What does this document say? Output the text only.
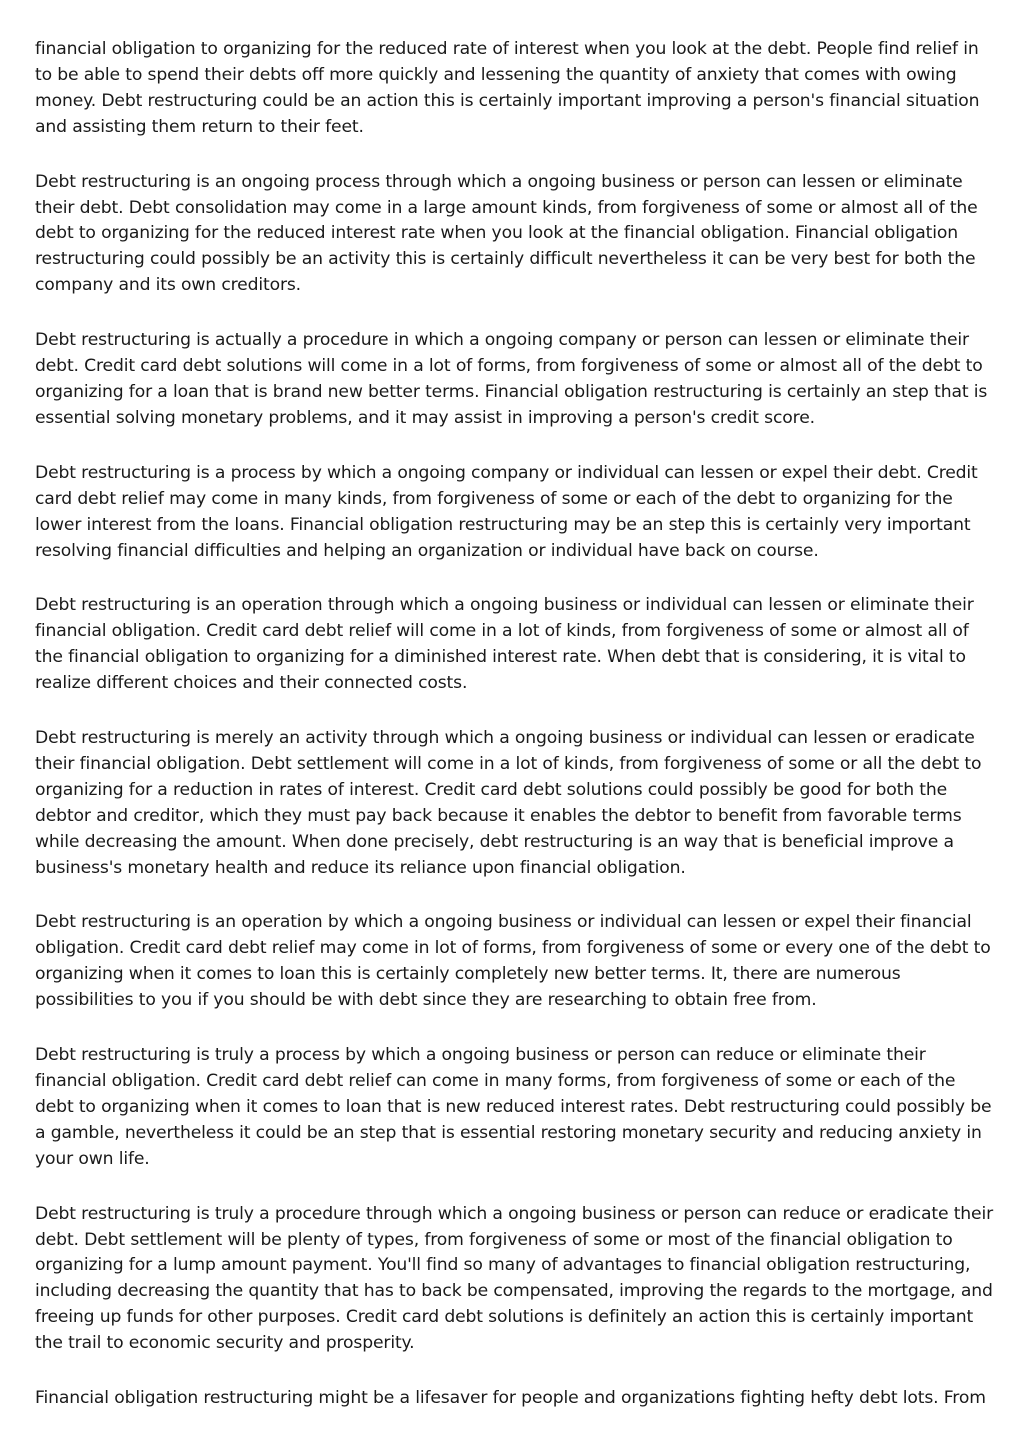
financial obligation to organizing for the reduced rate of interest when you look at the debt. People find relief in to be able to spend their debts off more quickly and lessening the quantity of anxiety that comes with owing money. Debt restructuring could be an action this is certainly important improving a person's financial situation and assisting them return to their feet.

Debt restructuring is an ongoing process through which a ongoing business or person can lessen or eliminate their debt. Debt consolidation may come in a large amount kinds, from forgiveness of some or almost all of the debt to organizing for the reduced interest rate when you look at the financial obligation. Financial obligation restructuring could possibly be an activity this is certainly difficult nevertheless it can be very best for both the company and its own creditors.

Debt restructuring is actually a procedure in which a ongoing company or person can lessen or eliminate their debt. Credit card debt solutions will come in a lot of forms, from forgiveness of some or almost all of the debt to organizing for a loan that is brand new better terms. Financial obligation restructuring is certainly an step that is essential solving monetary problems, and it may assist in improving a person's credit score.

Debt restructuring is a process by which a ongoing company or individual can lessen or expel their debt. Credit card debt relief may come in many kinds, from forgiveness of some or each of the debt to organizing for the lower interest from the loans. Financial obligation restructuring may be an step this is certainly very important resolving financial difficulties and helping an organization or individual have back on course.

Debt restructuring is an operation through which a ongoing business or individual can lessen or eliminate their financial obligation. Credit card debt relief will come in a lot of kinds, from forgiveness of some or almost all of the financial obligation to organizing for a diminished interest rate. When debt that is considering, it is vital to realize different choices and their connected costs.

Debt restructuring is merely an activity through which a ongoing business or individual can lessen or eradicate their financial obligation. Debt settlement will come in a lot of kinds, from forgiveness of some or all the debt to organizing for a reduction in rates of interest. Credit card debt solutions could possibly be good for both the debtor and creditor, which they must pay back because it enables the debtor to benefit from favorable terms while decreasing the amount. When done precisely, debt restructuring is an way that is beneficial improve a business's monetary health and reduce its reliance upon financial obligation.

Debt restructuring is an operation by which a ongoing business or individual can lessen or expel their financial obligation. Credit card debt relief may come in lot of forms, from forgiveness of some or every one of the debt to organizing when it comes to loan this is certainly completely new better terms. It, there are numerous possibilities to you if you should be with debt since they are researching to obtain free from.

Debt restructuring is truly a process by which a ongoing business or person can reduce or eliminate their financial obligation. Credit card debt relief can come in many forms, from forgiveness of some or each of the debt to organizing when it comes to loan that is new reduced interest rates. Debt restructuring could possibly be a gamble, nevertheless it could be an step that is essential restoring monetary security and reducing anxiety in your own life.

Debt restructuring is truly a procedure through which a ongoing business or person can reduce or eradicate their debt. Debt settlement will be plenty of types, from forgiveness of some or most of the financial obligation to organizing for a lump amount payment. You'll find so many of advantages to financial obligation restructuring, including decreasing the quantity that has to back be compensated, improving the regards to the mortgage, and freeing up funds for other purposes. Credit card debt solutions is definitely an action this is certainly important the trail to economic security and prosperity.

Financial obligation restructuring might be a lifesaver for people and organizations fighting hefty debt lots. From
